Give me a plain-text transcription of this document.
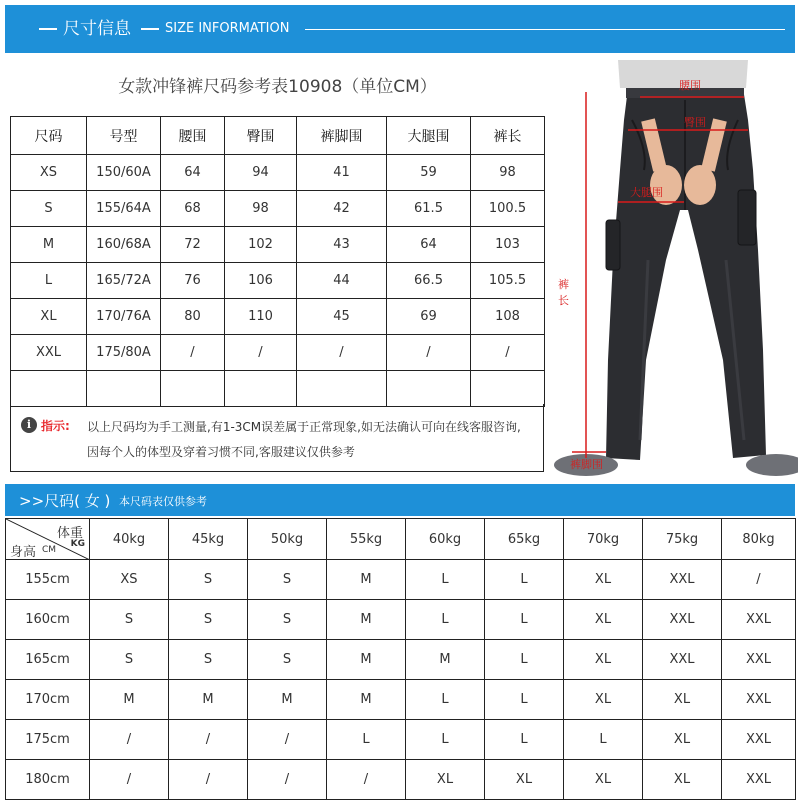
尺寸信息	SIZE INFORMATION
女款冲锋裤尺码参考表10908（单位CM）
尺码	号型	腰围	臀围	裤脚围	大腿围	裤长
XS	150/60A	64	94	41	59	98
S	155/64A	68	98	42	61.5	100.5
M	160/68A	72	102	43	64	103
L	165/72A	76	106	44	66.5	105.5
XL	170/76A	80	110	45	69	108
XXL	175/80A	/	/	/	/	/

i 指示: 以上尺码均为手工测量,有1-3CM误差属于正常现象,如无法确认可向在线客服咨询,
因每个人的体型及穿着习惯不同,客服建议仅供参考
腰围
臀围
大腿围
裤
长
裤脚围
>>尺码( 女 ) 本尺码表仅供参考
体重
KG
身高 CM	40kg	45kg	50kg	55kg	60kg	65kg	70kg	75kg	80kg
155cm	XS	S	S	M	L	L	XL	XXL	/
160cm	S	S	S	M	L	L	XL	XXL	XXL
165cm	S	S	S	M	M	L	XL	XXL	XXL
170cm	M	M	M	M	L	L	XL	XL	XXL
175cm	/	/	/	L	L	L	L	XL	XXL
180cm	/	/	/	/	XL	XL	XL	XL	XXL
